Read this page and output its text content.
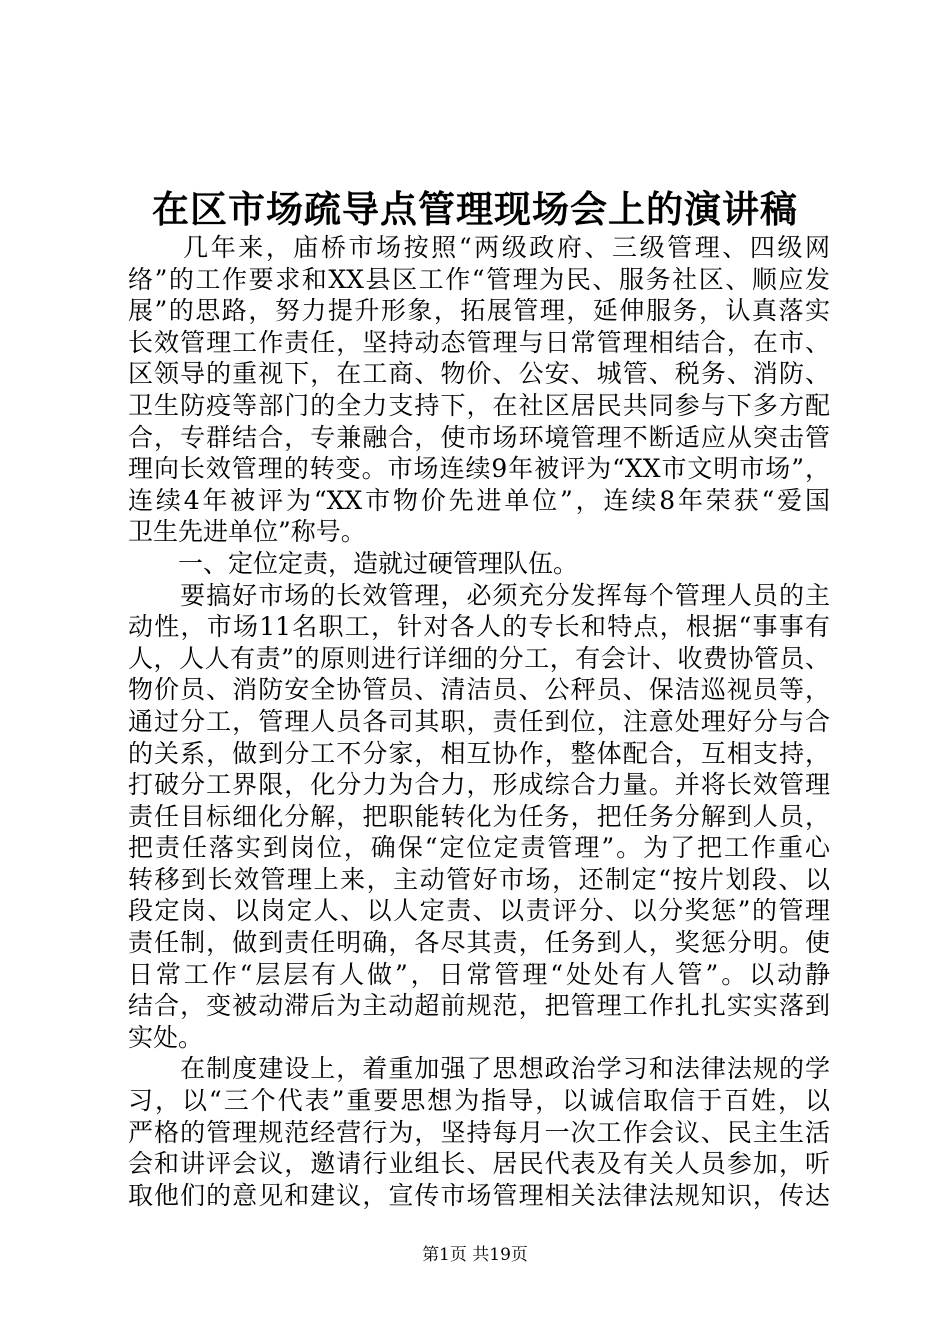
在区市场疏导点管理现场会上的演讲稿
　　几年来，庙桥市场按照“两级政府、三级管理、四级网
络”的工作要求和XX县区工作“管理为民、服务社区、顺应发
展”的思路，努力提升形象，拓展管理，延伸服务，认真落实
长效管理工作责任，坚持动态管理与日常管理相结合，在市、
区领导的重视下，在工商、物价、公安、城管、税务、消防、
卫生防疫等部门的全力支持下，在社区居民共同参与下多方配
合，专群结合，专兼融合，使市场环境管理不断适应从突击管
理向长效管理的转变。市场连续9年被评为“XX市文明市场”，
连续4年被评为“XX市物价先进单位”，连续8年荣获“爱国
卫生先进单位”称号。
　　一、定位定责，造就过硬管理队伍。
　　要搞好市场的长效管理，必须充分发挥每个管理人员的主
动性，市场11名职工，针对各人的专长和特点，根据“事事有
人，人人有责”的原则进行详细的分工，有会计、收费协管员、
物价员、消防安全协管员、清洁员、公秤员、保洁巡视员等，
通过分工，管理人员各司其职，责任到位，注意处理好分与合
的关系，做到分工不分家，相互协作，整体配合，互相支持，
打破分工界限，化分力为合力，形成综合力量。并将长效管理
责任目标细化分解，把职能转化为任务，把任务分解到人员，
把责任落实到岗位，确保“定位定责管理”。为了把工作重心
转移到长效管理上来，主动管好市场，还制定“按片划段、以
段定岗、以岗定人、以人定责、以责评分、以分奖惩”的管理
责任制，做到责任明确，各尽其责，任务到人，奖惩分明。使
日常工作“层层有人做”，日常管理“处处有人管”。以动静
结合，变被动滞后为主动超前规范，把管理工作扎扎实实落到
实处。
　　在制度建设上，着重加强了思想政治学习和法律法规的学
习，以“三个代表”重要思想为指导，以诚信取信于百姓，以
严格的管理规范经营行为，坚持每月一次工作会议、民主生活
会和讲评会议，邀请行业组长、居民代表及有关人员参加，听
取他们的意见和建议，宣传市场管理相关法律法规知识，传达
第1页 共19页
